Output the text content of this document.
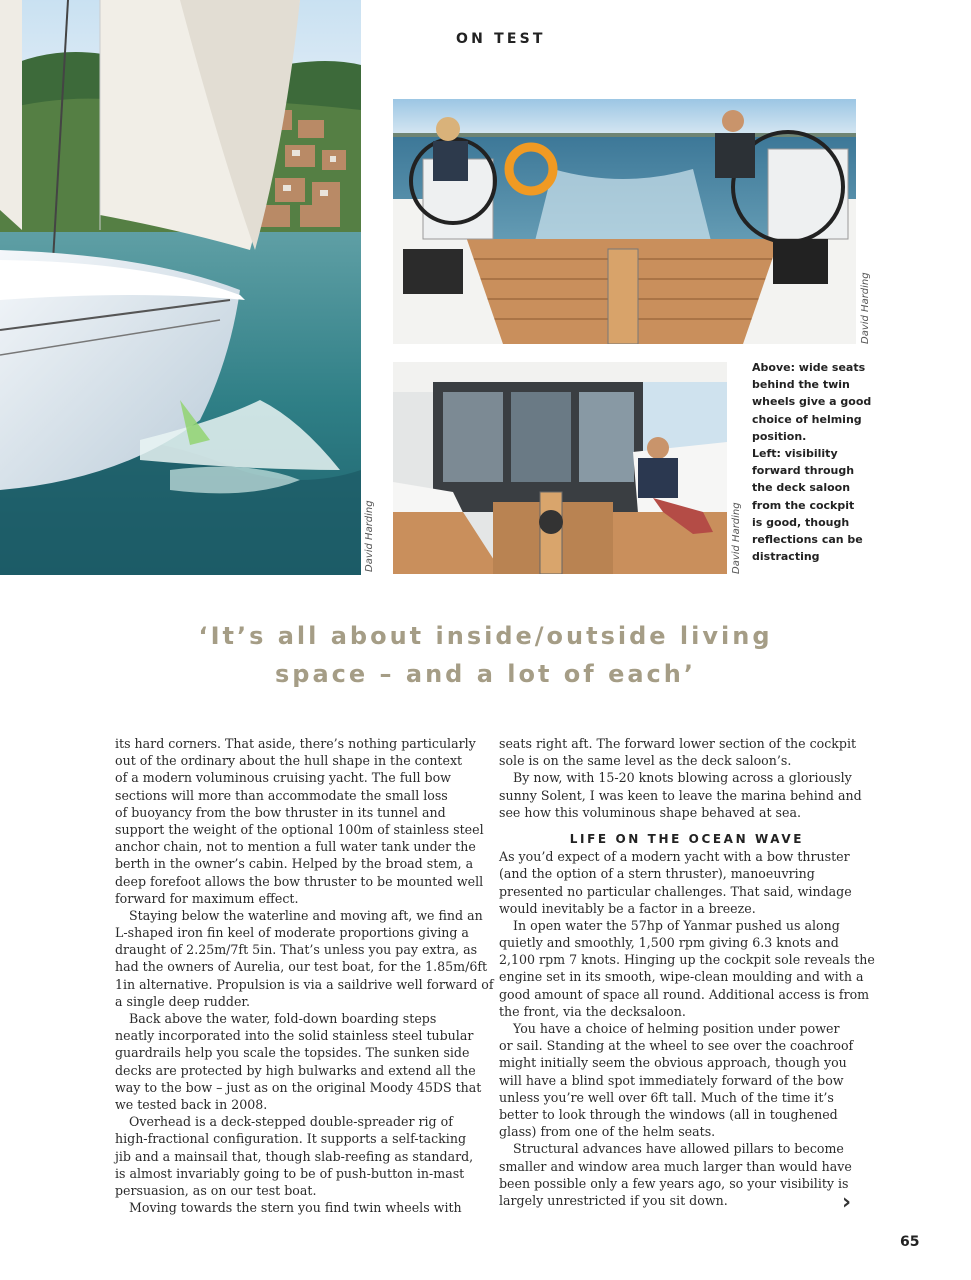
ON TEST
David Harding
David Harding
David Harding
Above: wide seats
behind the twin
wheels give a good
choice of helming
position.
Left: visibility
forward through
the deck saloon
from the cockpit
is good, though
reflections can be
distracting
‘It’s all about inside/outside living
space – and a lot of each’
its hard corners. That aside, there’s nothing particularly
out of the ordinary about the hull shape in the context
of a modern voluminous cruising yacht. The full bow
sections will more than accommodate the small loss
of buoyancy from the bow thruster in its tunnel and
support the weight of the optional 100m of stainless steel
anchor chain, not to mention a full water tank under the
berth in the owner’s cabin. Helped by the broad stem, a
deep forefoot allows the bow thruster to be mounted well
forward for maximum effect.
Staying below the waterline and moving aft, we find an
L-shaped iron fin keel of moderate proportions giving a
draught of 2.25m/7ft 5in. That’s unless you pay extra, as
had the owners of Aurelia, our test boat, for the 1.85m/6ft
1in alternative. Propulsion is via a saildrive well forward of
a single deep rudder.
Back above the water, fold-down boarding steps
neatly incorporated into the solid stainless steel tubular
guardrails help you scale the topsides. The sunken side
decks are protected by high bulwarks and extend all the
way to the bow – just as on the original Moody 45DS that
we tested back in 2008.
Overhead is a deck-stepped double-spreader rig of
high-fractional configuration. It supports a self-tacking
jib and a mainsail that, though slab-reefing as standard,
is almost invariably going to be of push-button in-mast
persuasion, as on our test boat.
Moving towards the stern you find twin wheels with
seats right aft. The forward lower section of the cockpit
sole is on the same level as the deck saloon’s.
By now, with 15-20 knots blowing across a gloriously
sunny Solent, I was keen to leave the marina behind and
see how this voluminous shape behaved at sea.
LIFE ON THE OCEAN WAVE
As you’d expect of a modern yacht with a bow thruster
(and the option of a stern thruster), manoeuvring
presented no particular challenges. That said, windage
would inevitably be a factor in a breeze.
In open water the 57hp of Yanmar pushed us along
quietly and smoothly, 1,500 rpm giving 6.3 knots and
2,100 rpm 7 knots. Hinging up the cockpit sole reveals the
engine set in its smooth, wipe-clean moulding and with a
good amount of space all round. Additional access is from
the front, via the decksaloon.
You have a choice of helming position under power
or sail. Standing at the wheel to see over the coachroof
might initially seem the obvious approach, though you
will have a blind spot immediately forward of the bow
unless you’re well over 6ft tall. Much of the time it’s
better to look through the windows (all in toughened
glass) from one of the helm seats.
Structural advances have allowed pillars to become
smaller and window area much larger than would have
been possible only a few years ago, so your visibility is
largely unrestricted if you sit down.	›
65
